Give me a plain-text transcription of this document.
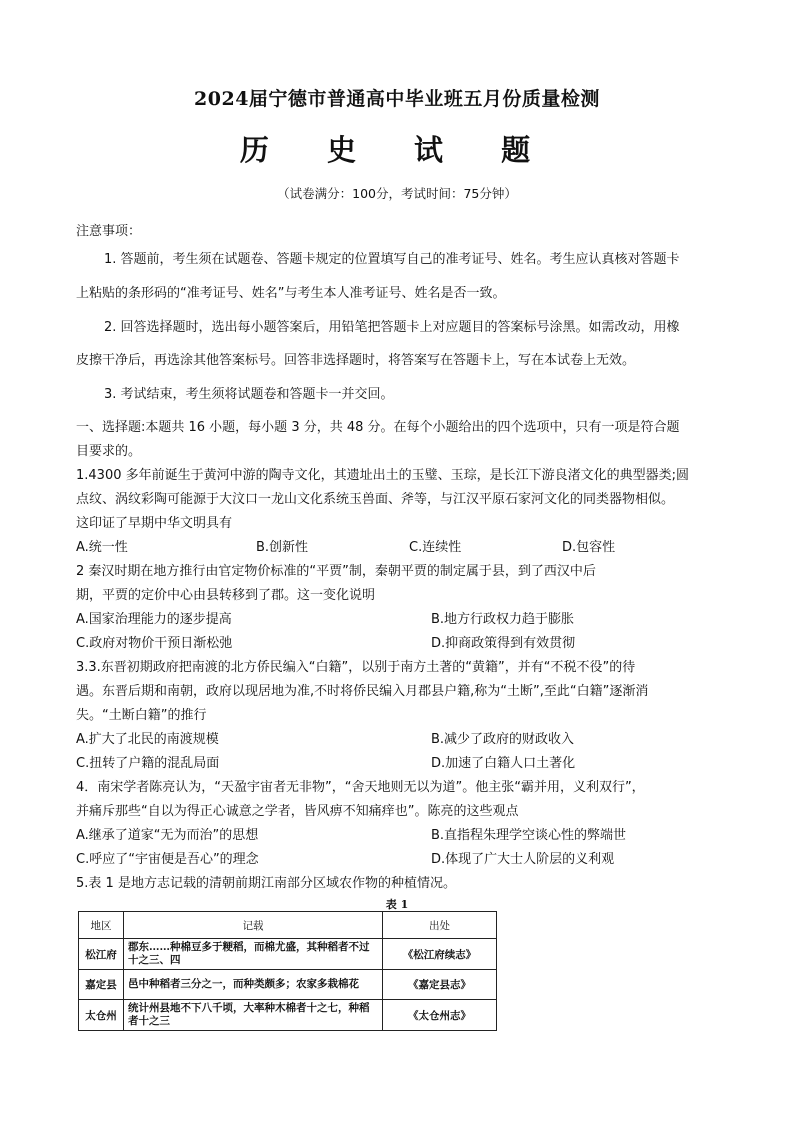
2024届宁德市普通高中毕业班五月份质量检测
历 史 试 题
（试卷满分：100分，考试时间：75分钟）
注意事项：
1. 答题前，考生须在试题卷、答题卡规定的位置填写自己的准考证号、姓名。考生应认真核对答题卡
上粘贴的条形码的“准考证号、姓名”与考生本人准考证号、姓名是否一致。
2. 回答选择题时，选出每小题答案后，用铅笔把答题卡上对应题目的答案标号涂黑。如需改动，用橡
皮擦干净后，再选涂其他答案标号。回答非选择题时，将答案写在答题卡上，写在本试卷上无效。
3. 考试结束，考生须将试题卷和答题卡一并交回。
一、选择题:本题共 16 小题，每小题 3 分，共 48 分。在每个小题给出的四个选项中，只有一项是符合题
目要求的。
1.4300 多年前诞生于黄河中游的陶寺文化，其遗址出土的玉璧、玉琮，是长江下游良渚文化的典型器类;圆
点纹、涡纹彩陶可能源于大汶口一龙山文化系统玉兽面、斧等，与江汉平原石家河文化的同类器物相似。
这印证了早期中华文明具有
A.统一性	B.创新性	C.连续性	D.包容性
2 秦汉时期在地方推行由官定物价标准的“平贾”制，秦朝平贾的制定属于县，到了西汉中后
期，平贾的定价中心由县转移到了郡。这一变化说明
A.国家治理能力的逐步提高	B.地方行政权力趋于膨胀
C.政府对物价干预日渐松弛	D.抑商政策得到有效贯彻
3.3.东晋初期政府把南渡的北方侨民编入“白籍”，以别于南方土著的“黄籍”，并有“不税不役”的待
遇。东晋后期和南朝，政府以现居地为准,不时将侨民编入月郡县户籍,称为“土断”,至此“白籍”逐渐消
失。“土断白籍”的推行
A.扩大了北民的南渡规模	B.减少了政府的财政收入
C.扭转了户籍的混乱局面	D.加速了白籍人口土著化
4．南宋学者陈亮认为，“天盈宇宙者无非物”，“舍天地则无以为道”。他主张“霸并用，义利双行”，
并痛斥那些“自以为得正心诚意之学者，皆风痹不知痛痒也”。陈亮的这些观点
A.继承了道家“无为而治”的思想	B.直指程朱理学空谈心性的弊端世
C.呼应了“宇宙便是吾心”的理念	D.体现了广大士人阶层的义利观
5.表 1 是地方志记载的清朝前期江南部分区域农作物的种植情况。
表 1
地区	记载	出处
松江府	郡东……种棉豆多于粳稻，而棉尤盛，其种稻者不过十之三、四	《松江府续志》
嘉定县	邑中种稻者三分之一，而种类颇多；农家多栽棉花	《嘉定县志》
太仓州	统计州县地不下八千顷，大率种木棉者十之七，种稻者十之三	《太仓州志》
